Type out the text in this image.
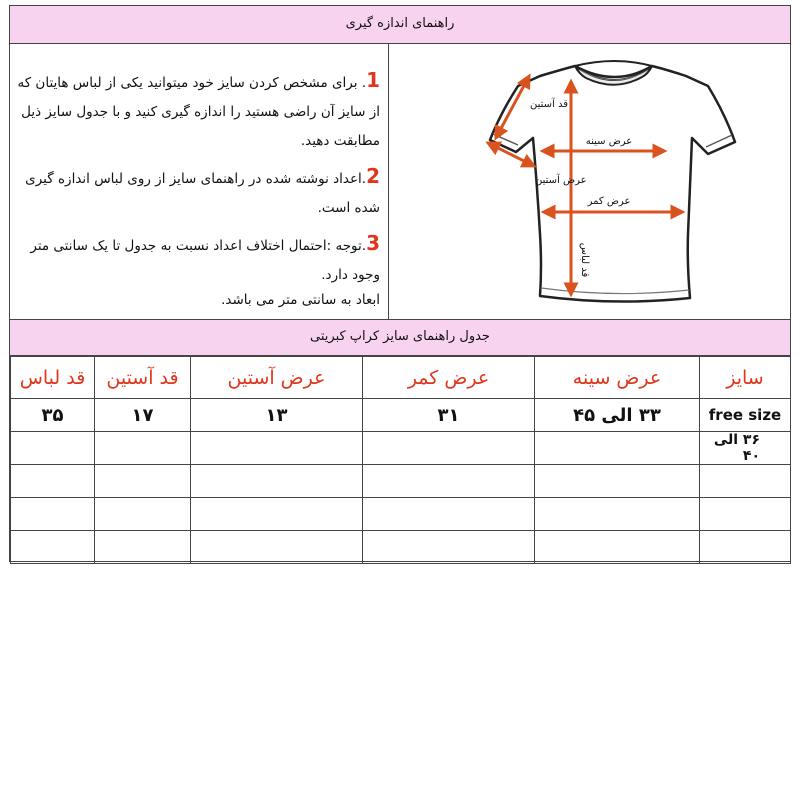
راهنمای اندازه گیری

1. برای مشخص کردن سایز خود میتوانید یکی از لباس هایتان که از سایز آن راضی هستید را اندازه گیری کنید و با جدول سایز ذیل مطابقت دهید.

2.اعداد نوشته شده در راهنمای سایز از روی لباس اندازه گیری شده است.

3.توجه :احتمال اختلاف اعداد نسبت به جدول تا یک سانتی متر وجود دارد.

ابعاد به سانتی متر می باشد.

قد آستین
عرض آستین
عرض سینه
عرض کمر
قد لباس
جدول راهنمای سایز کراپ کبریتی
قد لباس	قد آستین	عرض آستین	عرض کمر	عرض سینه	سایز
۳۵	۱۷	۱۳	۳۱	۳۳ الی ۴۵	free size

					۳۶ الی ۴۰
